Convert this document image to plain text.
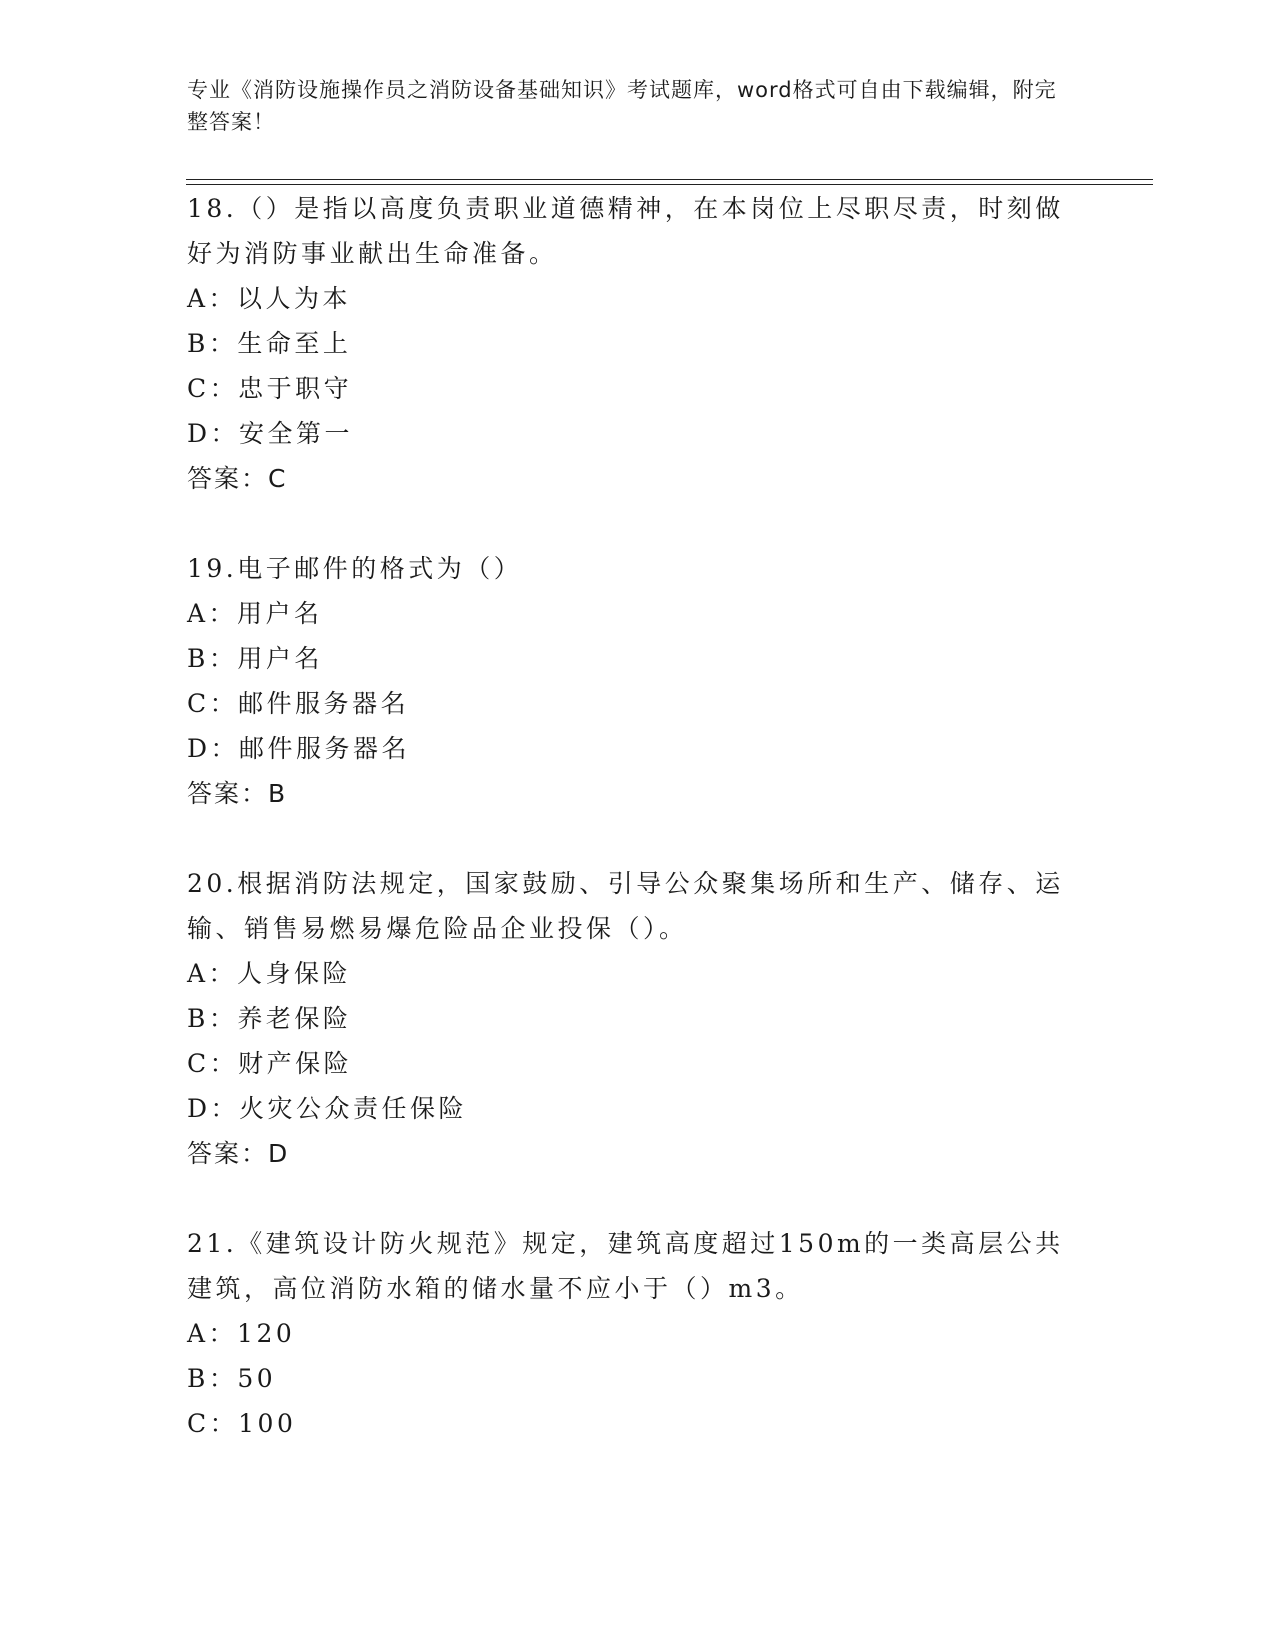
专业《消防设施操作员之消防设备基础知识》考试题库，word格式可自由下载编辑，附完整答案！
18.（）是指以高度负责职业道德精神，在本岗位上尽职尽责，时刻做
好为消防事业献出生命准备。
A：以人为本
B：生命至上
C：忠于职守
D：安全第一
答案：C
19.电子邮件的格式为（）
A：用户名
B：用户名
C：邮件服务器名
D：邮件服务器名
答案：B
20.根据消防法规定，国家鼓励、引导公众聚集场所和生产、储存、运
输、销售易燃易爆危险品企业投保（）。
A：人身保险
B：养老保险
C：财产保险
D：火灾公众责任保险
答案：D
21.《建筑设计防火规范》规定，建筑高度超过150m的一类高层公共
建筑，高位消防水箱的储水量不应小于（）m3。
A：120
B：50
C：100
